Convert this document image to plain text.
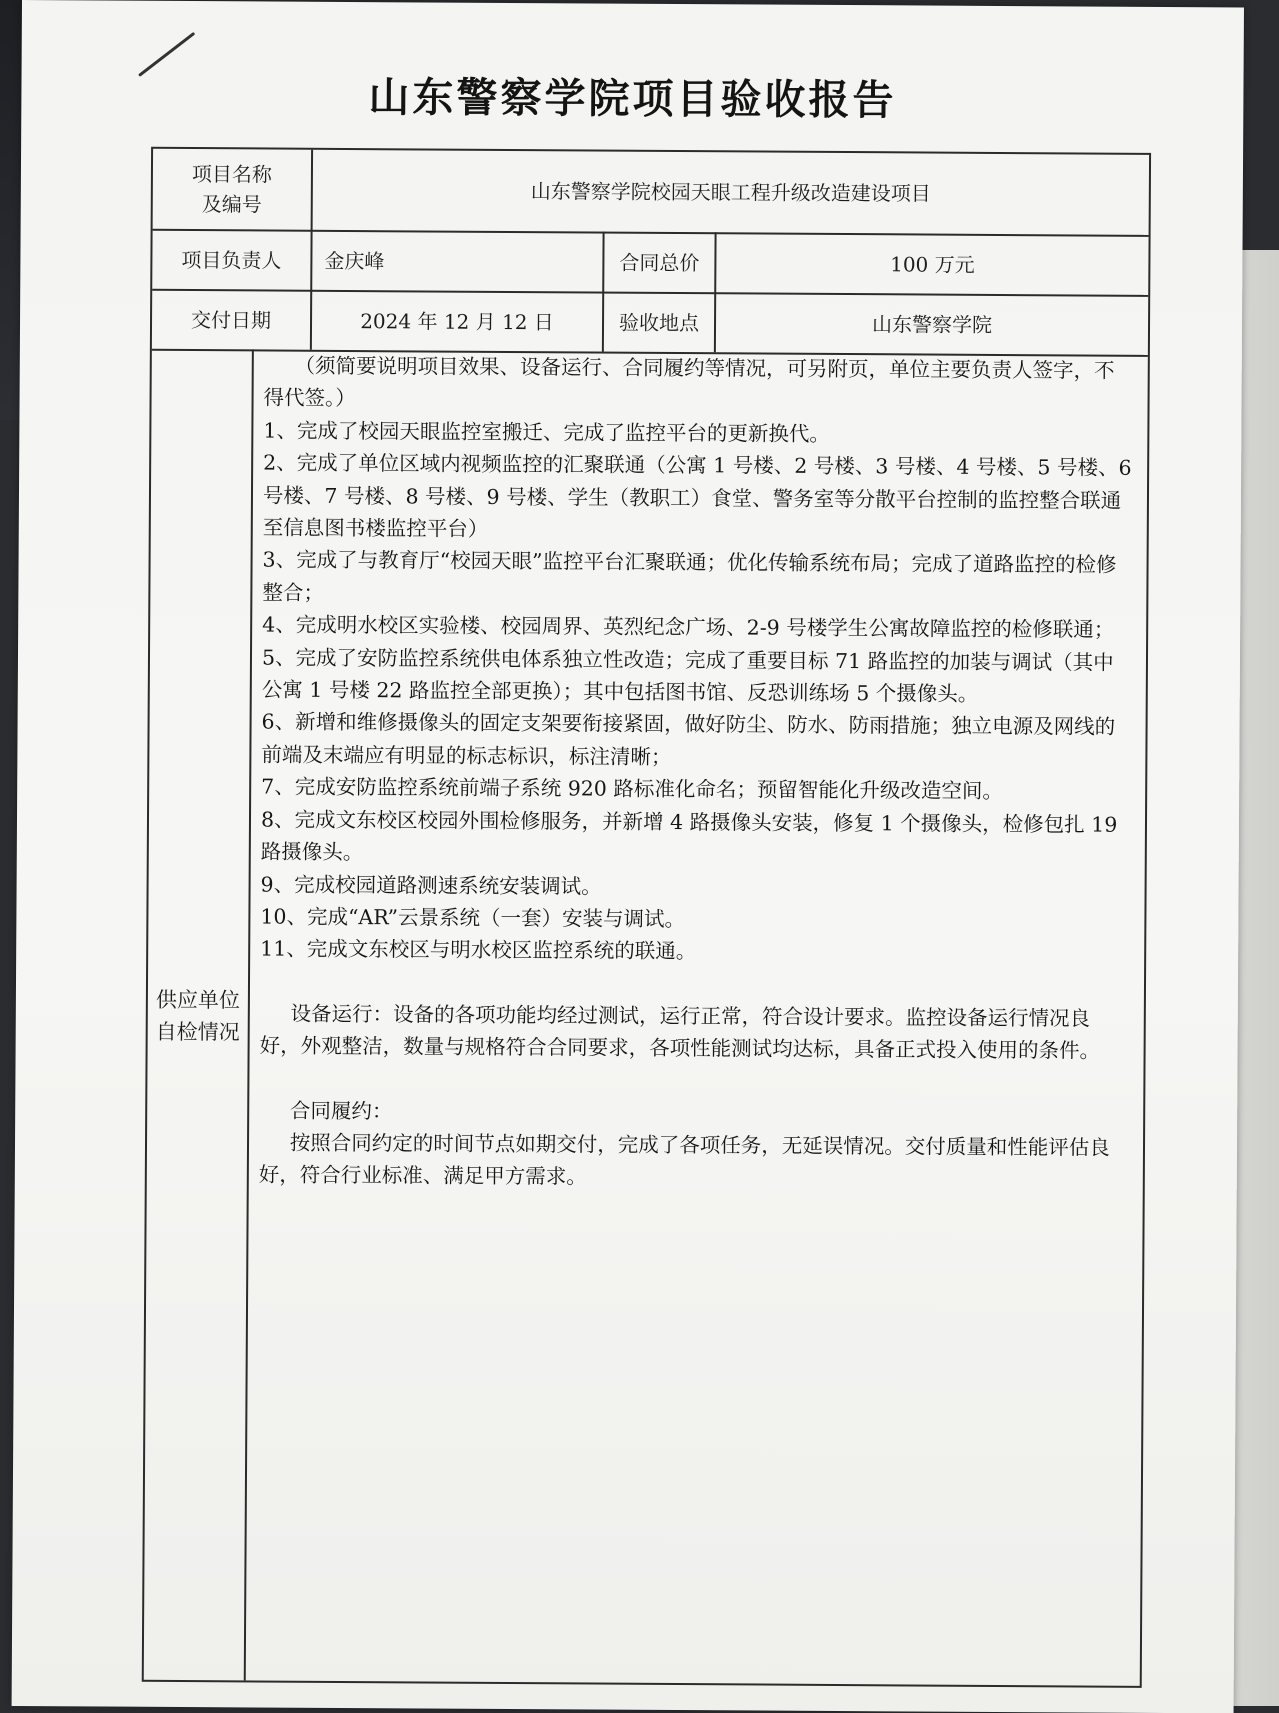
山东警察学院项目验收报告
项目名称
及编号	山东警察学院校园天眼工程升级改造建设项目
项目负责人	金庆峰	合同总价	100 万元
交付日期	2024 年 12 月 12 日	验收地点	山东警察学院
供应单位
自检情况

（须简要说明项目效果、设备运行、合同履约等情况，可另附页，单位主要负责人签字，不得代签。）

1、完成了校园天眼监控室搬迁、完成了监控平台的更新换代。

2、完成了单位区域内视频监控的汇聚联通（公寓 1 号楼、2 号楼、3 号楼、4 号楼、5 号楼、6 号楼、7 号楼、8 号楼、9 号楼、学生（教职工）食堂、警务室等分散平台控制的监控整合联通至信息图书楼监控平台）

3、完成了与教育厅“校园天眼”监控平台汇聚联通；优化传输系统布局；完成了道路监控的检修整合；

4、完成明水校区实验楼、校园周界、英烈纪念广场、2-9 号楼学生公寓故障监控的检修联通；

5、完成了安防监控系统供电体系独立性改造；完成了重要目标 71 路监控的加装与调试（其中公寓 1 号楼 22 路监控全部更换）；其中包括图书馆、反恐训练场 5 个摄像头。

6、新增和维修摄像头的固定支架要衔接紧固，做好防尘、防水、防雨措施；独立电源及网线的前端及末端应有明显的标志标识，标注清晰；

7、完成安防监控系统前端子系统 920 路标准化命名；预留智能化升级改造空间。

8、完成文东校区校园外围检修服务，并新增 4 路摄像头安装，修复 1 个摄像头，检修包扎 19 路摄像头。

9、完成校园道路测速系统安装调试。

10、完成“AR”云景系统（一套）安装与调试。

11、完成文东校区与明水校区监控系统的联通。

设备运行：设备的各项功能均经过测试，运行正常，符合设计要求。监控设备运行情况良好，外观整洁，数量与规格符合合同要求，各项性能测试均达标，具备正式投入使用的条件。

合同履约：

按照合同约定的时间节点如期交付，完成了各项任务，无延误情况。交付质量和性能评估良好，符合行业标准、满足甲方需求。
